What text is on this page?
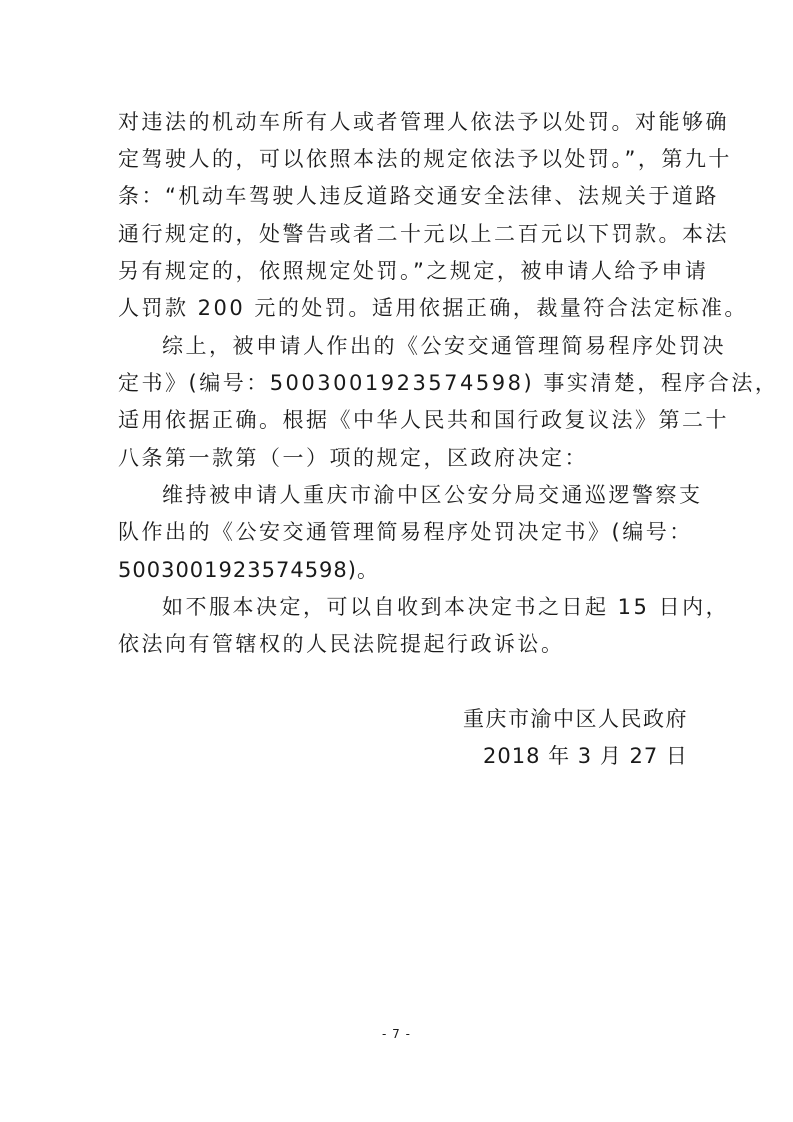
对违法的机动车所有人或者管理人依法予以处罚。对能够确
定驾驶人的，可以依照本法的规定依法予以处罚。”，第九十
条：“机动车驾驶人违反道路交通安全法律、法规关于道路
通行规定的，处警告或者二十元以上二百元以下罚款。本法
另有规定的，依照规定处罚。”之规定，被申请人给予申请
人罚款 200 元的处罚。适用依据正确，裁量符合法定标准。
综上，被申请人作出的《公安交通管理简易程序处罚决
定书》(编号：5003001923574598) 事实清楚，程序合法，
适用依据正确。根据《中华人民共和国行政复议法》第二十
八条第一款第（一）项的规定，区政府决定：
维持被申请人重庆市渝中区公安分局交通巡逻警察支
队作出的《公安交通管理简易程序处罚决定书》(编号：
5003001923574598)。
如不服本决定，可以自收到本决定书之日起 15 日内，
依法向有管辖权的人民法院提起行政诉讼。
重庆市渝中区人民政府
2018 年 3 月 27 日
- 7 -
